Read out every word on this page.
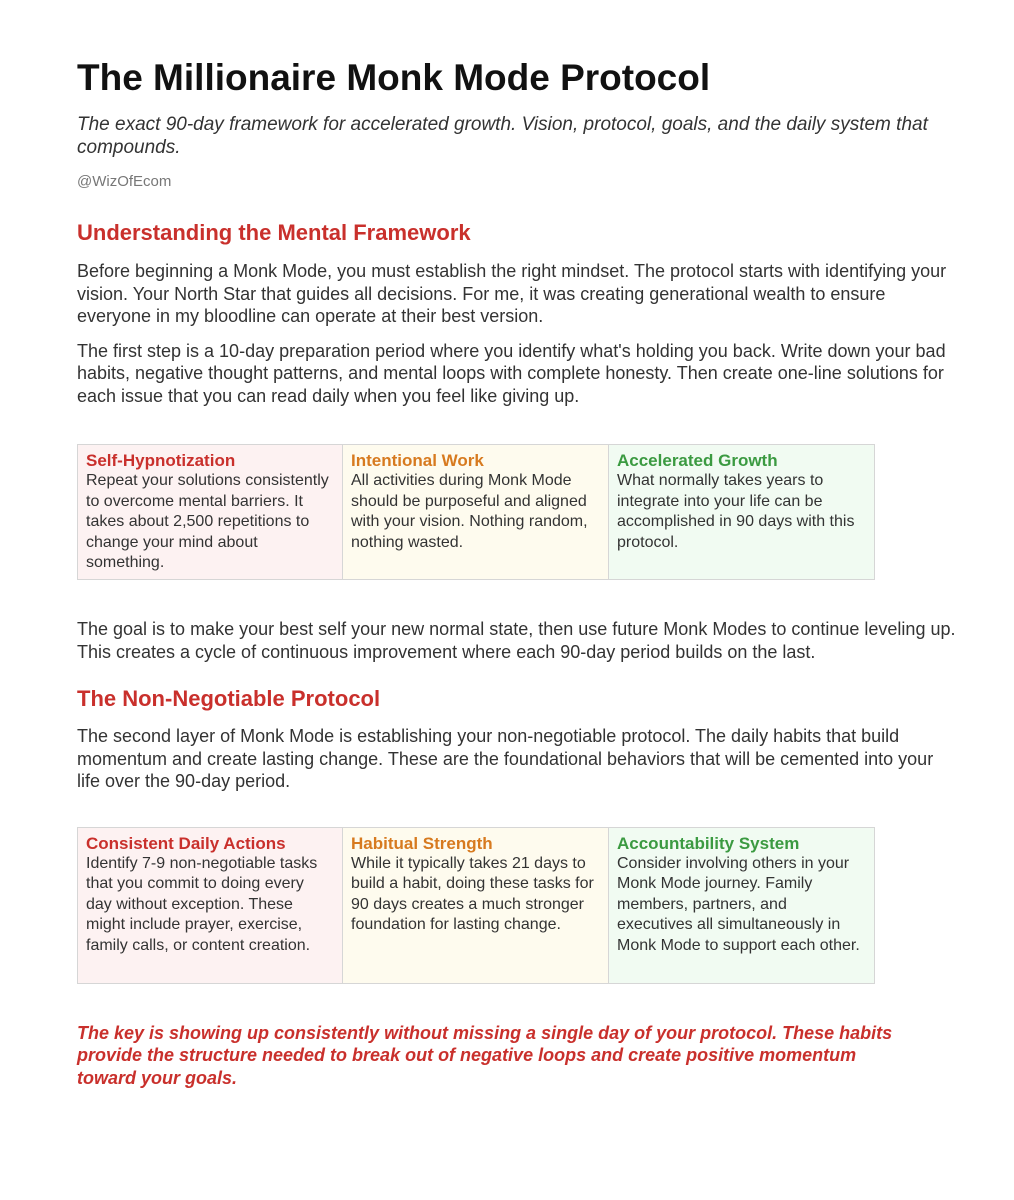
The Millionaire Monk Mode Protocol

The exact 90-day framework for accelerated growth. Vision, protocol, goals, and the daily system that compounds.

@WizOfEcom
Understanding the Mental Framework

Before beginning a Monk Mode, you must establish the right mindset. The protocol starts with identifying your vision. Your North Star that guides all decisions. For me, it was creating generational wealth to ensure everyone in my bloodline can operate at their best version.

The first step is a 10-day preparation period where you identify what's holding you back. Write down your bad habits, negative thought patterns, and mental loops with complete honesty. Then create one-line solutions for each issue that you can read daily when you feel like giving up.

Self-Hypnotization
Repeat your solutions consistently to overcome mental barriers. It takes about 2,500 repetitions to change your mind about something.
Intentional Work
All activities during Monk Mode should be purposeful and aligned with your vision. Nothing random, nothing wasted.
Accelerated Growth
What normally takes years to integrate into your life can be accomplished in 90 days with this protocol.

The goal is to make your best self your new normal state, then use future Monk Modes to continue leveling up. This creates a cycle of continuous improvement where each 90-day period builds on the last.

The Non-Negotiable Protocol

The second layer of Monk Mode is establishing your non-negotiable protocol. The daily habits that build momentum and create lasting change. These are the foundational behaviors that will be cemented into your life over the 90-day period.

Consistent Daily Actions
Identify 7-9 non-negotiable tasks that you commit to doing every day without exception. These might include prayer, exercise, family calls, or content creation.
Habitual Strength
While it typically takes 21 days to build a habit, doing these tasks for 90 days creates a much stronger foundation for lasting change.
Accountability System
Consider involving others in your Monk Mode journey. Family members, partners, and executives all simultaneously in Monk Mode to support each other.

The key is showing up consistently without missing a single day of your protocol. These habits provide the structure needed to break out of negative loops and create positive momentum toward your goals.
